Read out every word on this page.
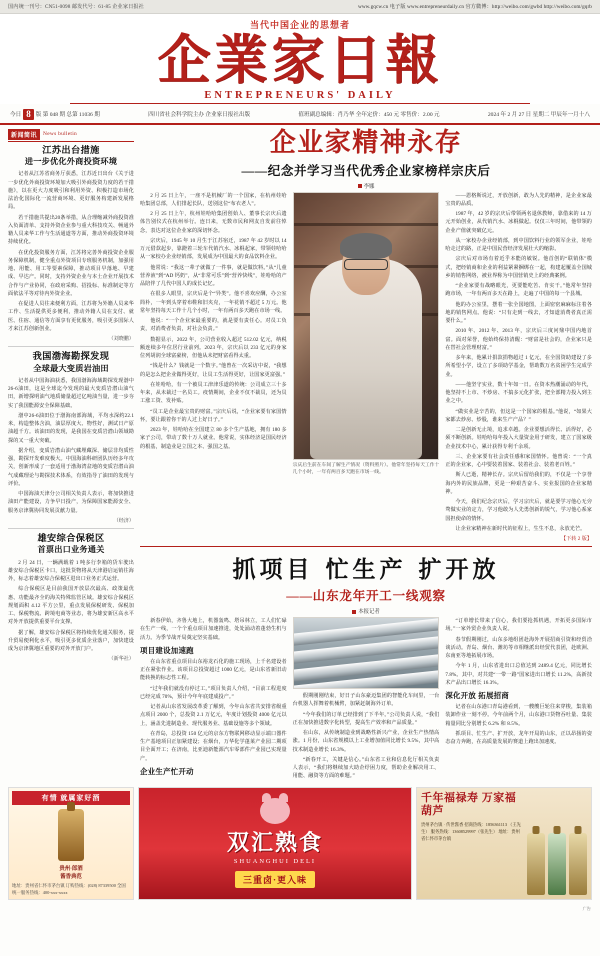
国内统一刊号：CN51-0098 邮发代号：61-85 企业家日报社	www.gqcw.cn 电子版 www.entrepreneurdaily.cn 官方微博：http://weibo.com/gwbd http://weibo.com/gqrb
当代中国企业的思想者
企業家日報
ENTREPRENEURS' DAILY
今日 8 版 第 048 期 总第 11036 期	四川省社会科学院主办 企业家日报社出版	值班副总编辑：肖乃华 全年定价：450 元 零售价：2.00 元	2024 年 2 月 27 日 星期二 甲辰年一月十八
新闻简讯	News bulletin
江苏出台措施
进一步优化外商投资环境

记者从江苏省商务厅获悉，江苏近日出台《关于进一步优化外商投资环境加大吸引外商投资力度的若干措施》，以在更大力度吸引和利用外资、积极打造市场化法治化国际化一流营商环境、更好服务构建新发展格局。

若干措施共提出20条举措，从合理缩减外商投资准入负面清单、支持外资企业参与重大科技攻关、畅通外籍人员来华工作与生活通道等方面，推动外商投资环境持续优化。

在优化投资服务方面，江苏将完善外商投资企业服务保障机制，健全重点外资项目专班服务机制，加强用地、用能、用工等要素保障，推动项目早落地、早建成、早达产。同时，支持外资企业与本土企业开展技术合作与产业协同，在政府采购、招投标、标准制定等方面依法平等对待内外资企业。

在促进人员往来便利方面，江苏将为外籍人员来华工作、生活提供更多便利，推动外籍人员在支付、就医、住宿、通信等方面享有更优服务，吸引更多国际人才来江苏创新创业。

（刘晓鹏）
我国渤海勘探发现
全球最大变质岩油田

记者从中国海油获悉，我国渤海海域勘探发现渤中26-6油田，这是全球迄今发现的最大变质岩潜山油气田，新增探明油气地质储量超过亿吨油当量，进一步夯实了我国能源安全保障基础。

渤中26-6油田位于渤海南部海域，平均水深约22.1米，构造整体含油，油层厚度大、物性好，测试日产原油超千方。该油田的发现，是我国在变质岩潜山领域勘探的又一重大突破。

据介绍，变质岩潜山油气藏埋藏深、储层非均质性强，勘探开发难度极大。中国海油科研团队历经多年攻关，创新形成了一套适用于渤海湾盆地的变质岩潜山油气成藏理论与勘探技术体系，有效指导了油田的发现与评价。

中国海油天津分公司相关负责人表示，将加快推进油田产能建设，力争早日投产，为保障国家能源安全、服务京津冀协同发展贡献力量。

（经济）
雄安综合保税区
首票出口业务通关

2 月 24 日，一辆满载着 1 吨多行李箱的货车驶出雄安综合保税区卡口，这批货物将从天津港启运销往海外，标志着雄安综合保税区进出口业务正式运营。

综合保税区是目前我国开放层次最高、政策最优惠、功能最齐全的海关特殊监管区域。雄安综合保税区规划面积 4.12 平方公里，重点发展保税研发、保税加工、保税物流、跨境电商等业态，将为雄安新区高水平对外开放提供重要平台支撑。

据了解，雄安综合保税区将持续优化通关服务，提升贸易便利化水平，吸引更多优质企业落户，加快建设成为京津冀地区重要的对外开放门户。

（新华社）
企业家精神永存
——纪念并学习当代优秀企业家榜样宗庆后
李娜

2 月 25 日上午，一座不是机械厂的一个国家，在杭州娃哈哈集团总部，人们排起长队，送别这位“布衣老人”。

2 月 25 日上午，杭州娃哈哈集团创始人、董事长宗庆后遗体告别仪式在杭州举行。连日来，无数市民和网友自发前往悼念，表达对这位企业家的深切怀念。

宗庆后，1945 年 10 月生于江苏宿迁，1987 年 42 岁时以 14 万元借款起步，靠蹬着三轮车代销汽水、冰棍起家，带领娃哈哈从一家校办企业经销部，发展成为中国最大的食品饮料企业。

他常说：“我这一辈子就做了一件事，就是做饮料。”从“儿童营养液”到“AD 钙奶”，从“非常可乐”到“营养快线”，娃哈哈的产品陪伴了几代中国人的成长记忆。

在很多人眼里，宗庆后是个“异类”。他不喜欢应酬，办公室简朴，一年到头穿着布鞋和旧夹克，一年花销不超过 5 万元。他常年坚持每天工作十几个小时，一年有两百多天跑在市场一线。

他说：“一个企业家最重要的，就是要有责任心。对员工负责，对消费者负责，对社会负责。”

数据显示，2022 年，公司营业收入超过 512.02 亿元，纳税额连续多年位居行业前列。2023 年，宗庆后以 233 亿元的身家位列胡润全球富豪榜，但他从未把财富看得太重。

“钱是什么？钱就是一个数字。”他曾在一次采访中说，“我想的是怎么把企业做得更好，让员工生活得更好，让国家更富强。”

在娃哈哈，有一个被员工津津乐道的传统：公司成立三十多年来，从未裁过一名员工。疫情期间，企业不仅不裁员，还为员工涨工资、发补贴。

“员工是企业最宝贵的财富。”宗庆后说，“企业家要有家国情怀，要让跟着你干的人过上好日子。”

2023 年，娃哈哈在全国建立 80 多个生产基地，拥有 180 多家子公司，带动了数十万人就业。他常说，实体经济是国民经济的根基，制造业是立国之本、强国之基。

宗庆后生前在车间了解生产情况（资料照片）。他常年坚持每天工作十几个小时，一年有两百多天跑在市场一线。

——恩格斯说过，开放创新，敢为人先的精神，是企业家最宝贵的品质。

1987 年，42 岁的宗庆后带领两名退休教师，靠借来的 14 万元开始创业，从代销汽水、冰棍做起。仅仅三年时间，他带领的企业产值就突破亿元。

从一家校办企业经销部，到中国饮料行业的领军企业，娃哈哈走过的路，正是中国民营经济发展壮大的缩影。

宗庆后对市场有着近乎本能的敏锐。他首创的“联销体”模式，把经销商和企业的利益紧紧捆绑在一起，构建起覆盖全国城乡的销售网络，被业界称为中国营销史上的经典案例。

“企业家要有战略眼光，更要能吃苦、肯实干。”他常年坚持跑市场，一年有两百多天在路上，走遍了中国的每一个县城。

他的办公室里，摆着一张全国地图，上面密密麻麻标注着各地的销售网点。他说：“只有走到一线去，才知道消费者真正需要什么。”

2010 年、2012 年、2013 年，宗庆后三度问鼎中国内地首富。面对荣誉，他始终保持清醒：“财富是社会的，企业家只是在替社会管理财富。”

多年来，他累计捐款捐物超过 1 亿元，在全国资助建设了多所希望小学，设立了多项助学基金，帮助数万名贫困学生完成学业。

——他坚守实业，数十年如一日。在资本热潮涌动的年代，他坚持不上市、不炒房、不搞多元化扩张，把全部精力投入到主业之中。

“做实业是辛苦的，但这是一个国家的根基。”他说，“如果大家都去炒房、炒股，谁来生产产品？”

二是创新无止境，追求卓越。企业要想活得长、活得好，必须不断创新。娃哈哈每年投入大量资金用于研发，建立了国家级企业技术中心，累计获得专利千余项。

三、企业家要有社会责任感和家国情怀。他曾说：“一个真正的企业家，心中要装着国家、装着社会、装着老百姓。”

斯人已逝，精神长存。宗庆后留给我们的，不仅是一个享誉海内外的民族品牌，更是一种艰苦奋斗、实业报国的企业家精神。

今天，我们纪念宗庆后，学习宗庆后，就是要学习他心无旁骛做实业的定力，学习他敢为人先勇创新的锐气，学习他心系家国担使命的情怀。

让企业家精神在新时代的征程上，生生不息，永放光芒。

【下转 2 版】
抓项目 忙生产 扩开放
——山东龙年开工一线观察
本报记者

新春伊始，齐鲁大地上，机器轰鸣、塔吊林立，工人们忙碌在生产一线，一个个重点项目加速推进，处处涌动着蓬勃生机与活力。为季节战开局奠定坚实基础。

项目建设加速跑

在山东省重点项目山东裕龙石化的施工现场，上千名建设者正在紧张作业。该项目总投资超过 1000 亿元，是山东省新旧动能转换的标志性工程。

“过年我们就没有停过工。”项目负责人介绍，“目前工程进度已经完成 70%，预计今年年底建成投产。”

记者从山东省发展改革委了解到，今年山东省共安排省级重点项目 2000 个，总投资 2.1 万亿元，年度计划投资 4000 亿元以上，涵盖先进制造业、现代服务业、基础设施等多个领域。

在青岛，总投资 150 亿元的京东方物联网移动显示端口器件生产基地项目正加紧建设；在烟台，万华化学蓬莱产业园二期项目全面开工；在济南，比亚迪新能源汽车零部件产业园已实现量产。

企业生产忙开动

假期刚刚结束，好日子山东豪迈集团的智能化车间里，一台台机器人挥舞着机械臂，加紧赶制海外订单。

“今年我们的订单已经排到了下半年。”公司负责人说，“我们正在加快推进数字化转型，提高生产效率和产品质量。”

在山东，从传统制造业到战略性新兴产业，企业生产热情高涨。1 月份，山东省规模以上工业增加值同比增长 9.5%，其中高技术制造业增长 16.3%。

“新春开工，关键是信心。”山东省工业和信息化厅相关负责人表示，“我们将继续加大助企纾困力度，帮助企业解决用工、用能、融资等方面的难题。”

“订单增长带来了信心，我们要抢抓机遇，开拓更多国际市场。”一家外贸企业负责人说。

春节假期刚过，山东多地组团赴海外开展招商引资和经贸洽谈活动。青岛、烟台、潍坊等市相继派出经贸代表团，赴欧洲、东南亚等地拓展市场。

今年 1 月，山东省进出口总值达到 2489.4 亿元，同比增长 7.8%。其中，对共建“一带一路”国家进出口增长 11.2%，高新技术产品出口增长 16.3%。

深化开放 拓展招商

记者在山东港口青岛港看到，一艘艘巨轮往来穿梭，集装箱装卸作业一刻不停。今年前两个月，山东港口货物吞吐量、集装箱量同比分别增长 6.2% 和 8.5%。

抓项目、忙生产、扩开放，龙年开局的山东，正以昂扬的姿态奋力奔跑，在高质量发展的赛道上跑出加速度。

有情 就属家好酒
贵州·郎酒
酱香典范
地址：贵州省仁怀市茅台镇 订购热线：(028) 87339500 全国统一服务热线：400-xxx-xxxx
双汇熟食
SHUANGHUI DELI
三重卤·更入味
千年福禄寿 万家福葫芦
贵州茅台镇 · 传世酱香 招商热线：1856361113 （王先生） 服务热线：13608529997（张先生） 地址：贵州省仁怀市茅台镇
广告
